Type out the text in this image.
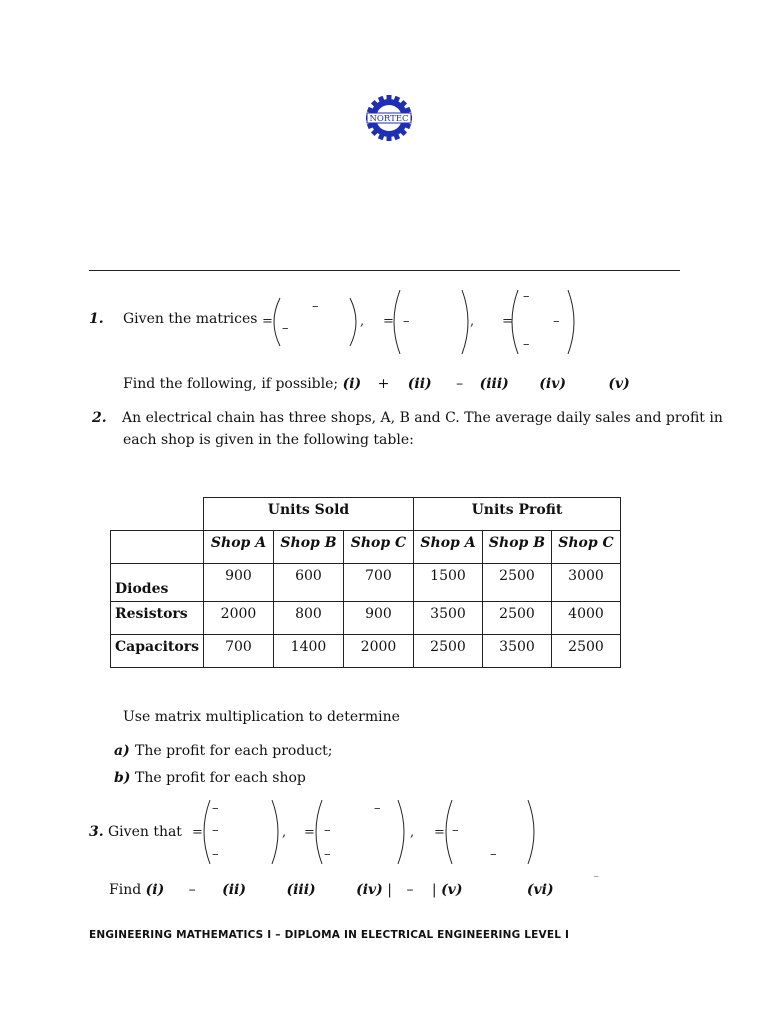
NORTEC
1. Given the matrices =
–
–	, = –	, =
–
–
–
Find the following, if possible; (i) + (ii) – (iii) (iv)	(v)
2. An electrical chain has three shops, A, B and C. The average daily sales and profit in
each shop is given in the following table:
	Units Sold			Units Profit		
	Shop A	Shop B	Shop C	Shop A	Shop B	Shop C
Diodes	900	600	700	1500	2500	3000
Resistors	2000	800	900	3500	2500	4000
Capacitors	700	1400	2000	2500	3500	2500
Use matrix multiplication to determine
a) The profit for each product;
b) The profit for each shop
3. Given that =
–
–
–
, = –
–
–
, = –
–
Find (i) – (ii)	(iii)	(iv) | – | (v)	(vi)
‾
ENGINEERING MATHEMATICS I – DIPLOMA IN ELECTRICAL ENGINEERING LEVEL I
